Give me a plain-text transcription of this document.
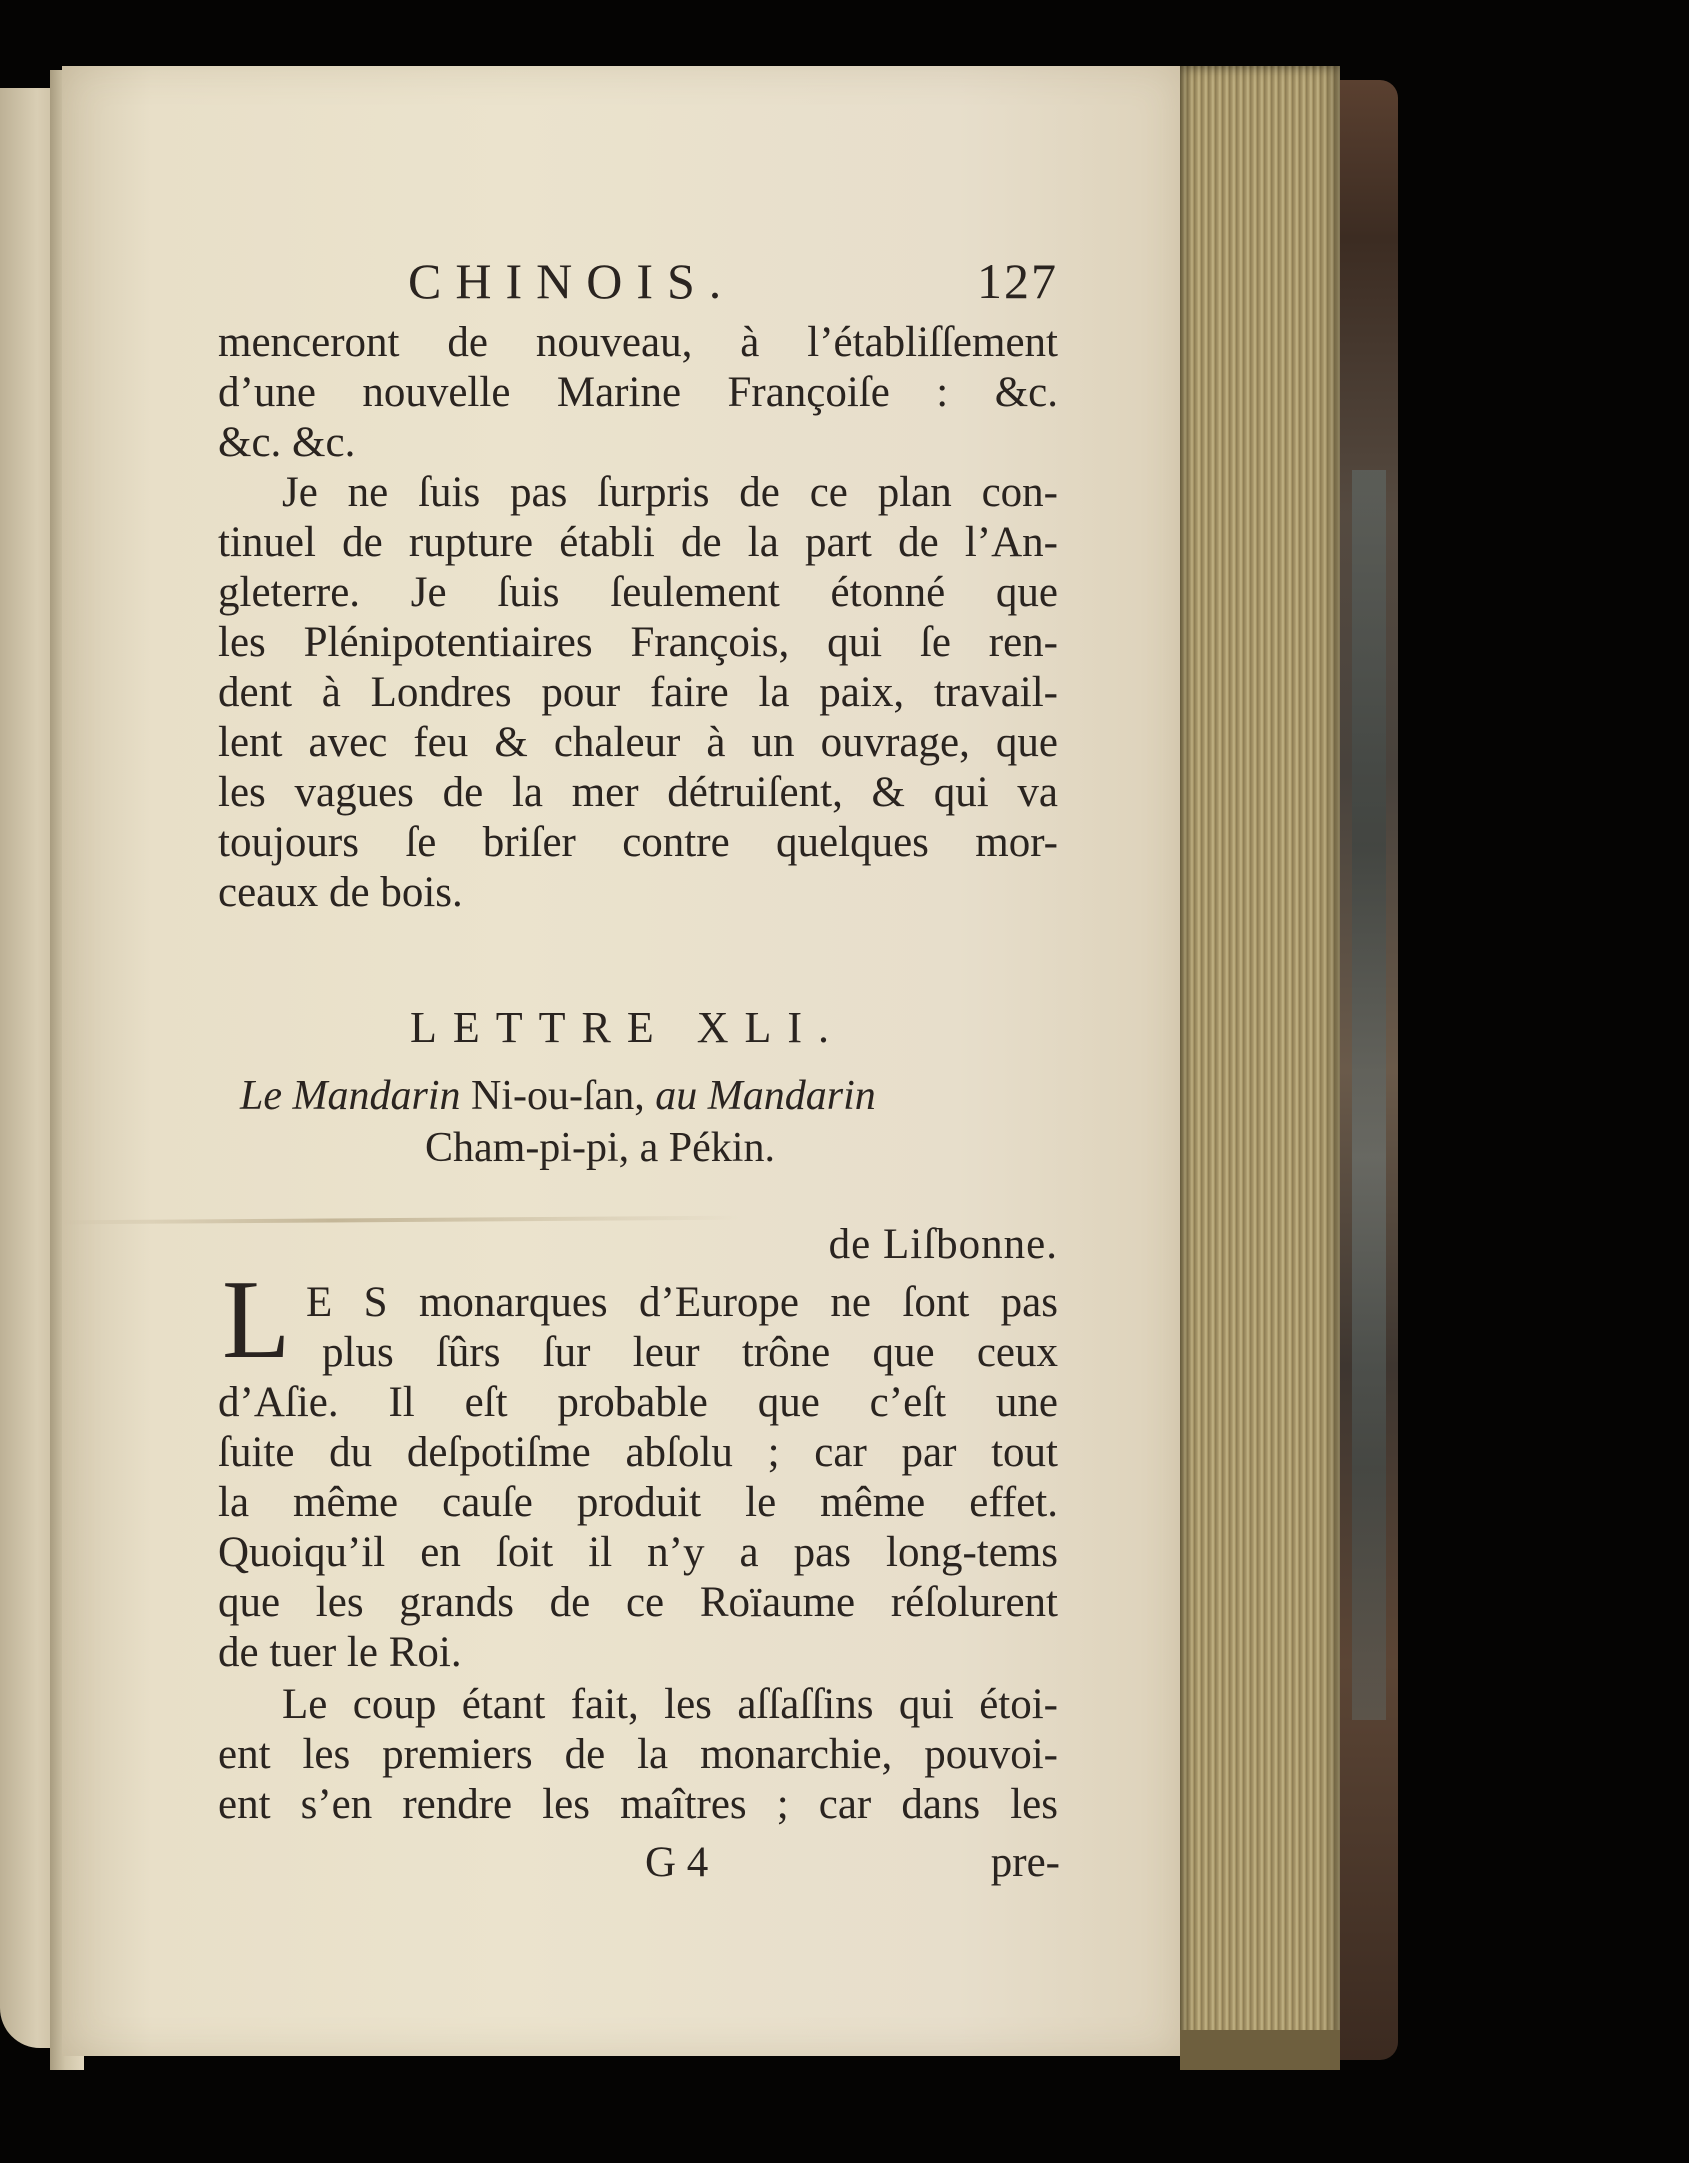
CHINOIS.	127
menceront de nouveau, à l’établiſſement
d’une nouvelle Marine Françoiſe : &c.
&c. &c.
Je ne ſuis pas ſurpris de ce plan con-
tinuel de rupture établi de la part de l’An-
gleterre. Je ſuis ſeulement étonné que
les Plénipotentiaires François, qui ſe ren-
dent à Londres pour faire la paix, travail-
lent avec feu & chaleur à un ouvrage, que
les vagues de la mer détruiſent, & qui va
toujours ſe briſer contre quelques mor-
ceaux de bois.
LETTRE XLI.
Le Mandarin Ni-ou-ſan, au Mandarin
Cham-pi-pi, a Pékin.
de Liſbonne.
L E S monarques d’Europe ne ſont pas
plus ſûrs ſur leur trône que ceux
d’Aſie. Il eſt probable que c’eſt une
ſuite du deſpotiſme abſolu ; car par tout
la même cauſe produit le même effet.
Quoiqu’il en ſoit il n’y a pas long-tems
que les grands de ce Roïaume réſolurent
de tuer le Roi.
Le coup étant fait, les aſſaſſins qui étoi-
ent les premiers de la monarchie, pouvoi-
ent s’en rendre les maîtres ; car dans les
G 4	pre-
